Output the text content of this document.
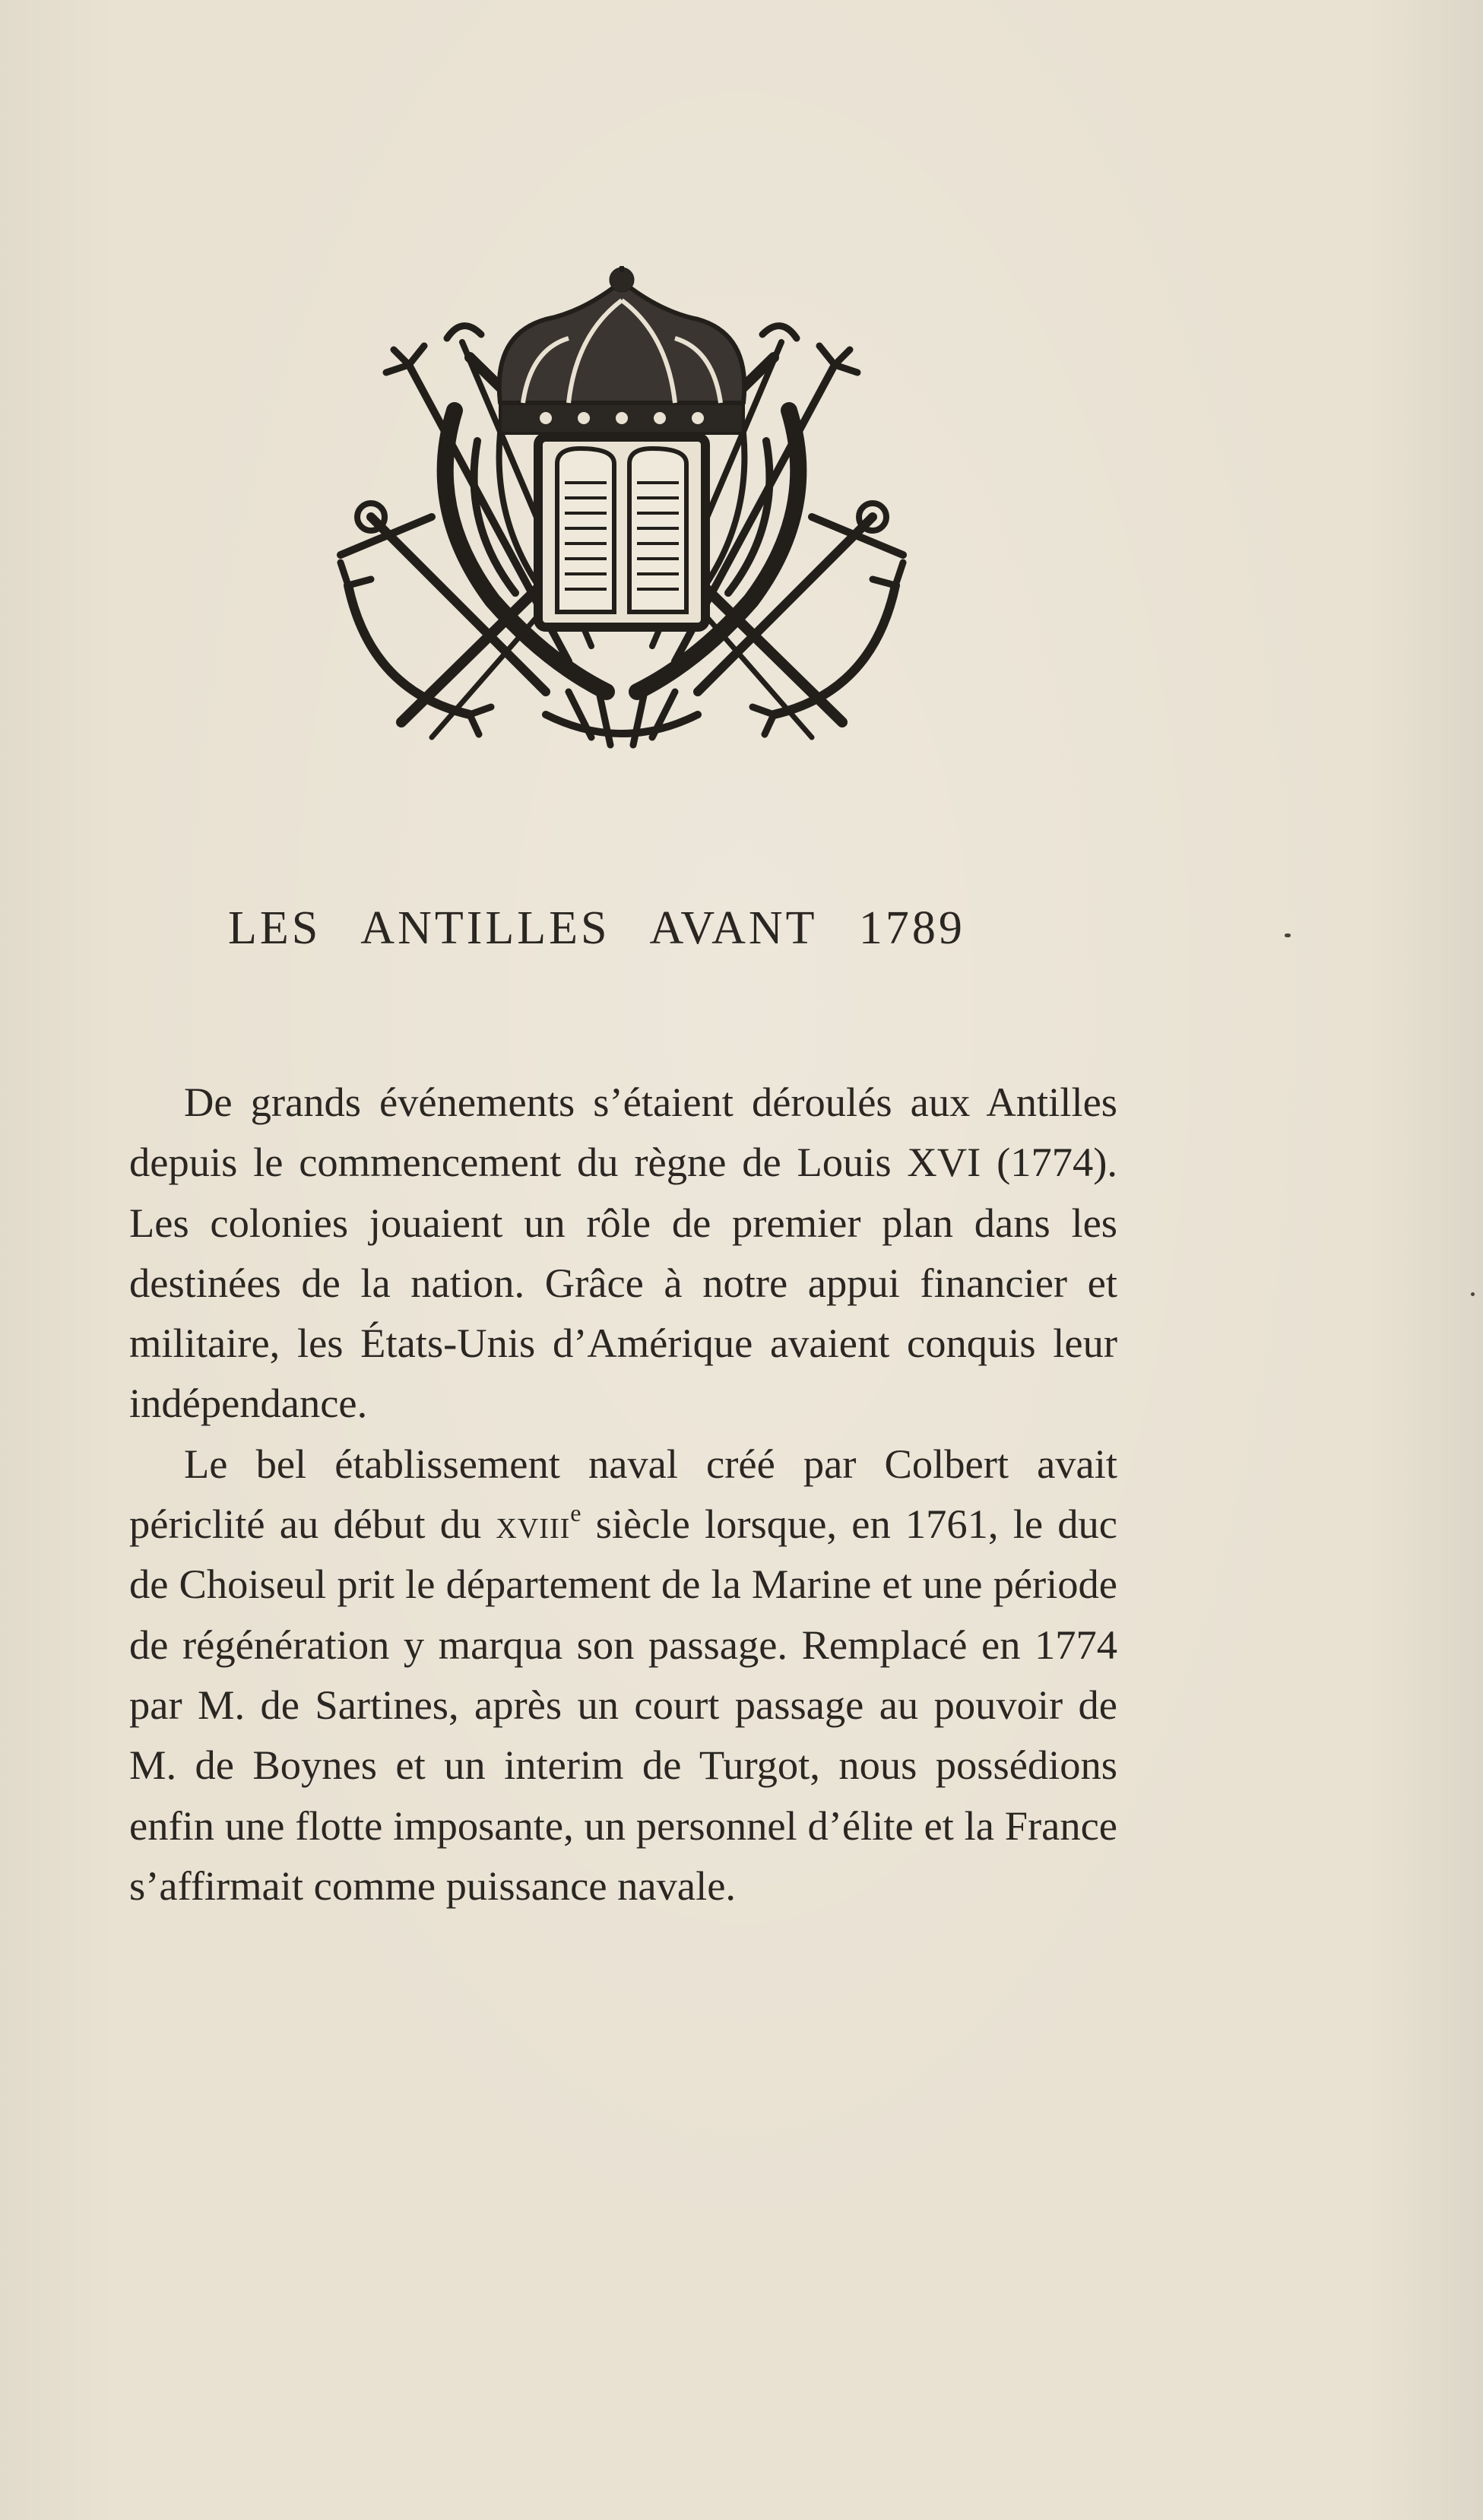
LES ANTILLES AVANT 1789

De grands événements s’étaient déroulés aux Antilles depuis le commencement du règne de Louis XVI (1774). Les colonies jouaient un rôle de premier plan dans les destinées de la nation. Grâce à notre appui financier et militaire, les États-Unis d’Amérique avaient conquis leur indépendance.

Le bel établissement naval créé par Colbert avait périclité au début du xviii$^e$ siècle lorsque, en 1761, le duc de Choiseul prit le département de la Marine et une période de régénération y marqua son passage. Remplacé en 1774 par M. de Sartines, après un court passage au pouvoir de M. de Boynes et un interim de Turgot, nous possédions enfin une flotte imposante, un personnel d’élite et la France s’affirmait comme puissance navale.
